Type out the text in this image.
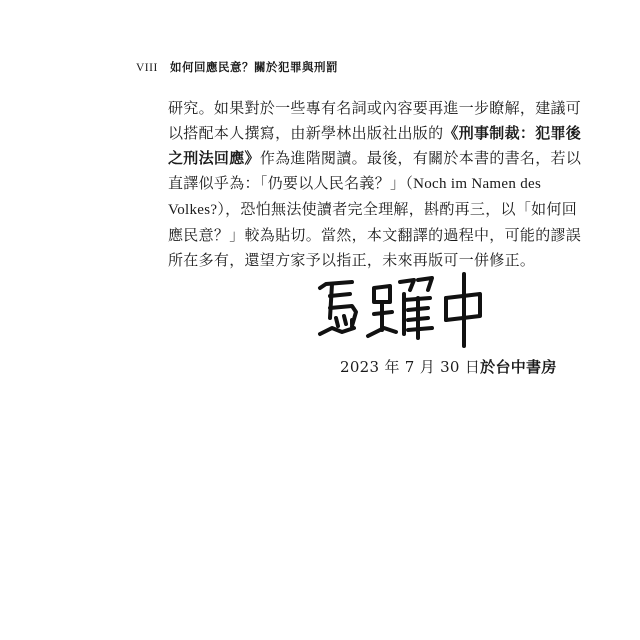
VIII 如何回應民意？關於犯罪與刑罰
研究。如果對於一些專有名詞或內容要再進一步瞭解，建議可
以搭配本人撰寫，由新學林出版社出版的《刑事制裁：犯罪後
之刑法回應》作為進階閱讀。最後，有關於本書的書名，若以
直譯似乎為：「仍要以人民名義？」（Noch im Namen des
Volkes?），恐怕無法使讀者完全理解，斟酌再三，以「如何回
應民意？」較為貼切。當然，本文翻譯的過程中，可能的謬誤
所在多有，還望方家予以指正，未來再版可一併修正。
2023 年 7 月 30 日於台中書房
